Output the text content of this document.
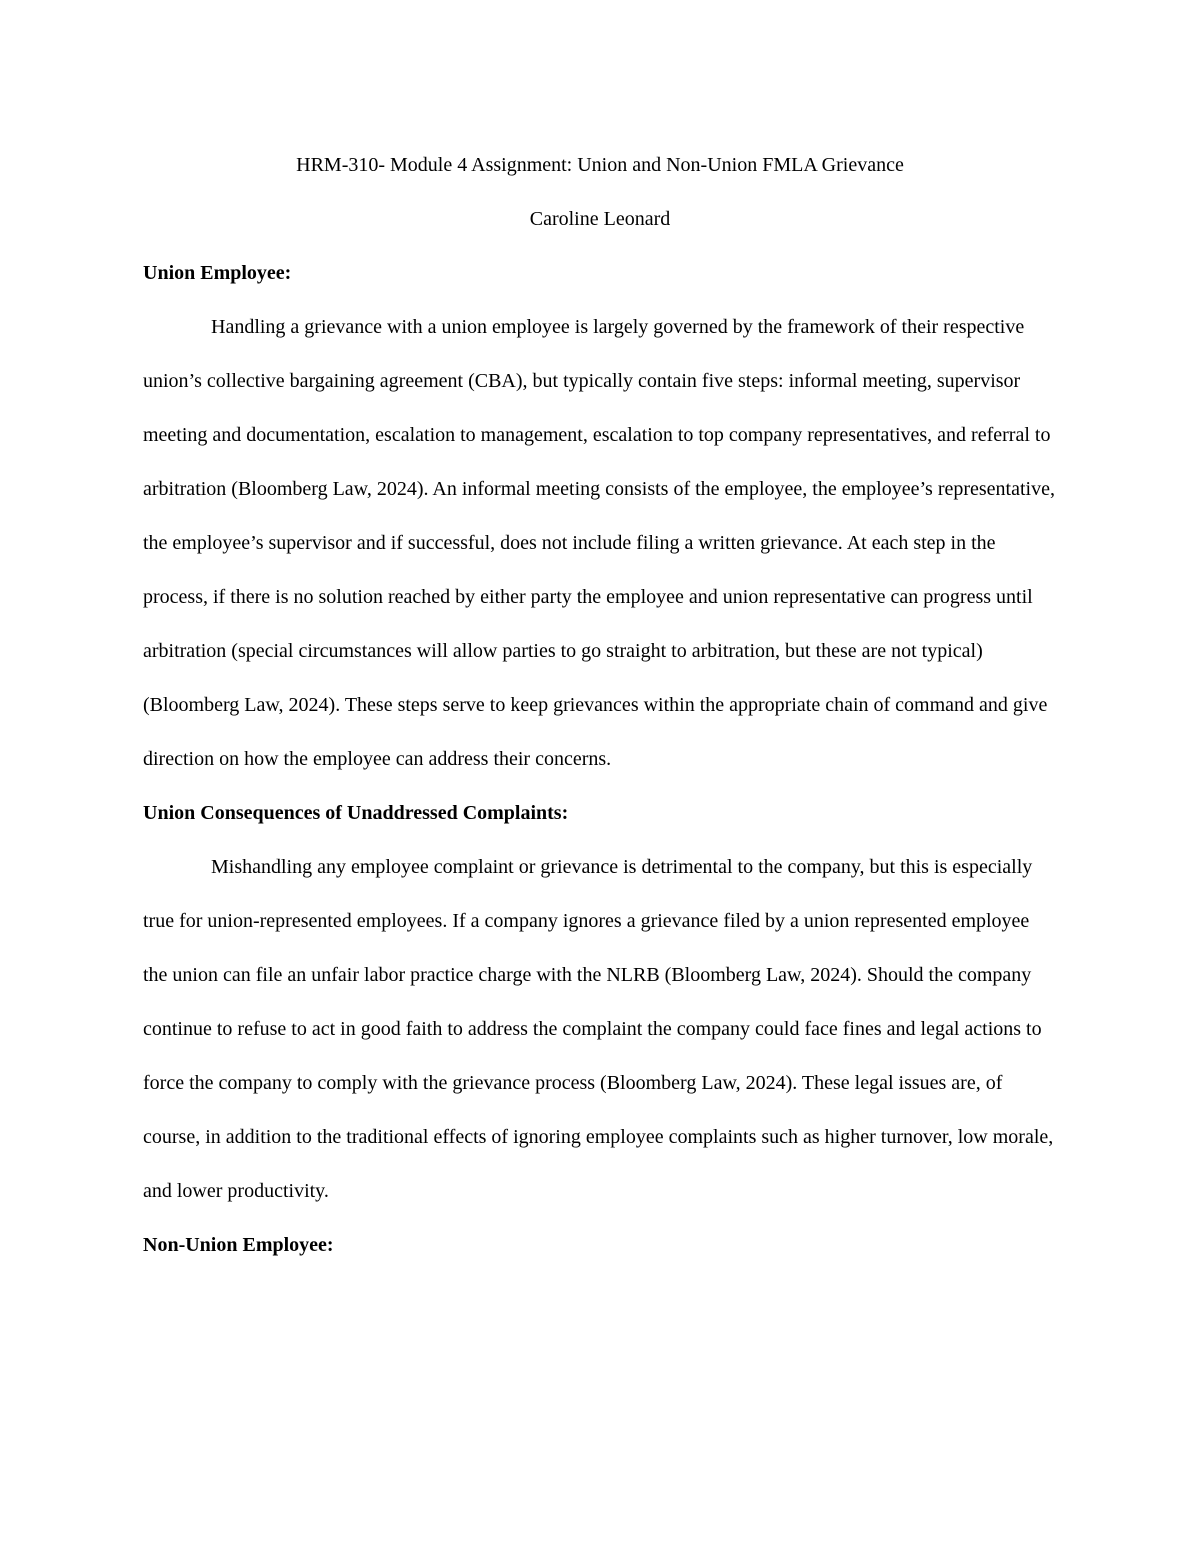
HRM-310- Module 4 Assignment: Union and Non-Union FMLA Grievance

Caroline Leonard

Union Employee:

Handling a grievance with a union employee is largely governed by the framework of their respective union’s collective bargaining agreement (CBA), but typically contain five steps: informal meeting, supervisor meeting and documentation, escalation to management, escalation to top company representatives, and referral to arbitration (Bloomberg Law, 2024). An informal meeting consists of the employee, the employee’s representative, the employee’s supervisor and if successful, does not include filing a written grievance. At each step in the process, if there is no solution reached by either party the employee and union representative can progress until arbitration (special circumstances will allow parties to go straight to arbitration, but these are not typical) (Bloomberg Law, 2024). These steps serve to keep grievances within the appropriate chain of command and give direction on how the employee can address their concerns.

Union Consequences of Unaddressed Complaints:

Mishandling any employee complaint or grievance is detrimental to the company, but this is especially true for union-represented employees. If a company ignores a grievance filed by a union represented employee the union can file an unfair labor practice charge with the NLRB (Bloomberg Law, 2024). Should the company continue to refuse to act in good faith to address the complaint the company could face fines and legal actions to force the company to comply with the grievance process (Bloomberg Law, 2024). These legal issues are, of course, in addition to the traditional effects of ignoring employee complaints such as higher turnover, low morale, and lower productivity.

Non-Union Employee:
